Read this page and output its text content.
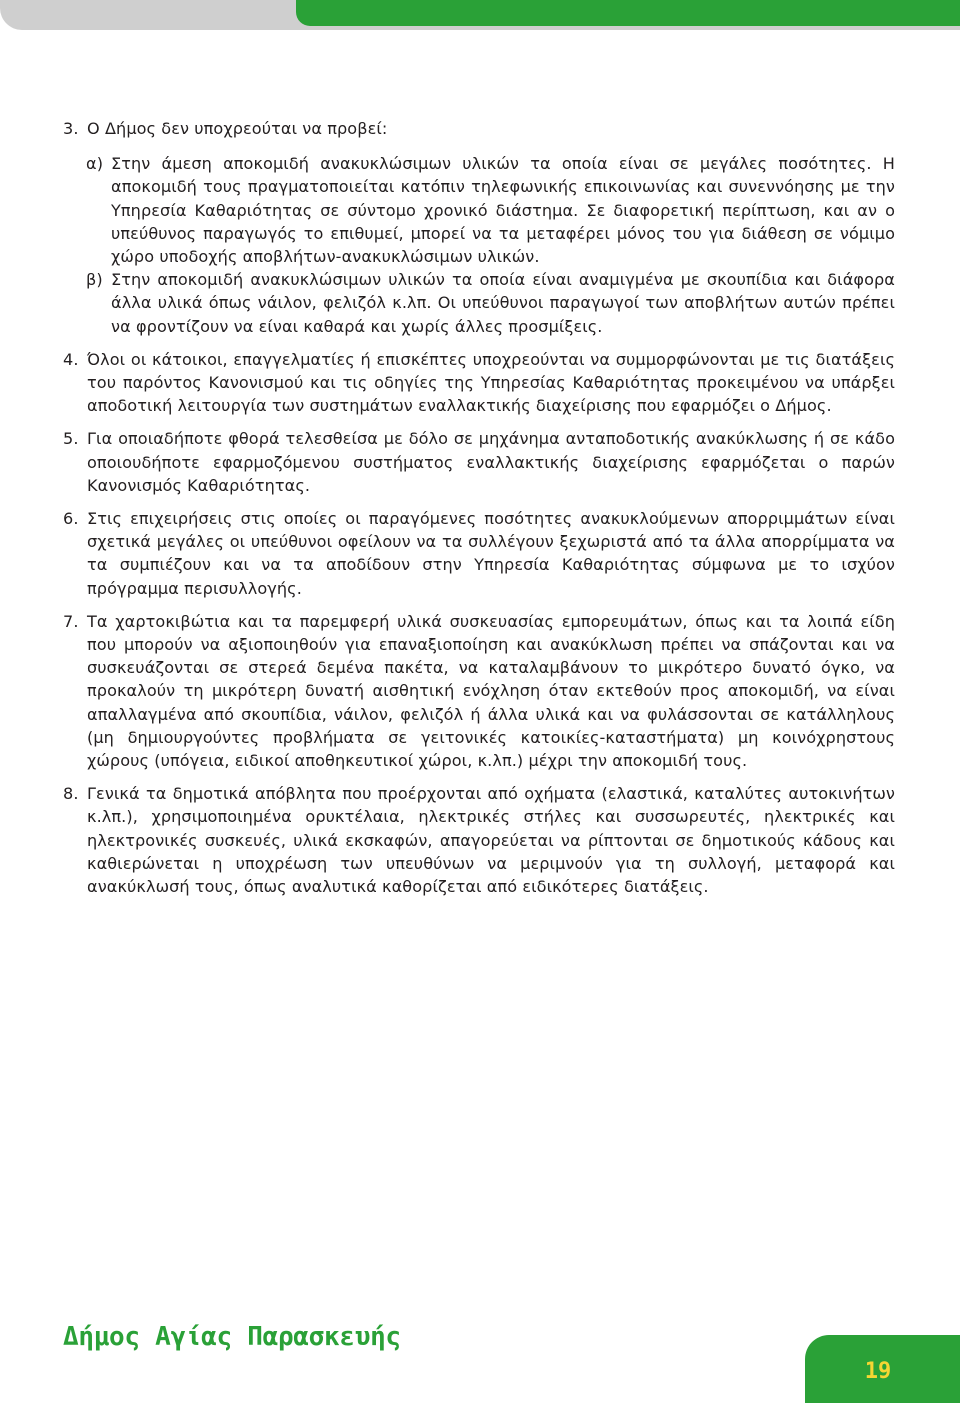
3. Ο Δήμος δεν υποχρεούται να προβεί:
α) Στην άμεση αποκομιδή ανακυκλώσιμων υλικών τα οποία είναι σε μεγάλες ποσότητες. Η αποκομιδή τους πραγματοποιείται κατόπιν τηλεφωνικής επικοινωνίας και συνεννόησης με την Υπηρεσία Καθαριότητας σε σύντομο χρονικό διάστημα. Σε διαφορετική περίπτωση, και αν ο υπεύθυνος παραγωγός το επιθυμεί, μπορεί να τα μεταφέρει μόνος του για διάθεση σε νόμιμο χώρο υποδοχής αποβλήτων-ανακυκλώσιμων υλικών.
β) Στην αποκομιδή ανακυκλώσιμων υλικών τα οποία είναι αναμιγμένα με σκουπίδια και διάφορα άλλα υλικά όπως νάιλον, φελιζόλ κ.λπ. Οι υπεύθυνοι παραγωγοί των αποβλήτων αυτών πρέπει να φροντίζουν να είναι καθαρά και χωρίς άλλες προσμίξεις.
4. Όλοι οι κάτοικοι, επαγγελματίες ή επισκέπτες υποχρεούνται να συμμορφώνονται με τις διατάξεις του παρόντος Κανονισμού και τις οδηγίες της Υπηρεσίας Καθαριότητας προκειμένου να υπάρξει αποδοτική λειτουργία των συστημάτων εναλλακτικής διαχείρισης που εφαρμόζει ο Δήμος.
5. Για οποιαδήποτε φθορά τελεσθείσα με δόλο σε μηχάνημα ανταποδοτικής ανακύκλωσης ή σε κάδο οποιουδήποτε εφαρμοζόμενου συστήματος εναλλακτικής διαχείρισης εφαρμόζεται ο παρών Κανονισμός Καθαριότητας.
6. Στις επιχειρήσεις στις οποίες οι παραγόμενες ποσότητες ανακυκλούμενων απορριμμάτων είναι σχετικά μεγάλες οι υπεύθυνοι οφείλουν να τα συλλέγουν ξεχωριστά από τα άλλα απορρίμματα να τα συμπιέζουν και να τα αποδίδουν στην Υπηρεσία Καθαριότητας σύμφωνα με το ισχύον πρόγραμμα περισυλλογής.
7. Τα χαρτοκιβώτια και τα παρεμφερή υλικά συσκευασίας εμπορευμάτων, όπως και τα λοιπά είδη που μπορούν να αξιοποιηθούν για επαναξιοποίηση και ανακύκλωση πρέπει να σπάζονται και να συσκευάζονται σε στερεά δεμένα πακέτα, να καταλαμβάνουν το μικρότερο δυνατό όγκο, να προκαλούν τη μικρότερη δυνατή αισθητική ενόχληση όταν εκτεθούν προς αποκομιδή, να είναι απαλλαγμένα από σκουπίδια, νάιλον, φελιζόλ ή άλλα υλικά και να φυλάσσονται σε κατάλληλους (μη δημιουργούντες προβλήματα σε γειτονικές κατοικίες-καταστήματα) μη κοινόχρηστους χώρους (υπόγεια, ειδικοί αποθηκευτικοί χώροι, κ.λπ.) μέχρι την αποκομιδή τους.
8. Γενικά τα δημοτικά απόβλητα που προέρχονται από οχήματα (ελαστικά, καταλύτες αυτοκινήτων κ.λπ.), χρησιμοποιημένα ορυκτέλαια, ηλεκτρικές στήλες και συσσωρευτές, ηλεκτρικές και ηλεκτρονικές συσκευές, υλικά εκσκαφών, απαγορεύεται να ρίπτονται σε δημοτικούς κάδους και καθιερώνεται η υποχρέωση των υπευθύνων να μεριμνούν για τη συλλογή, μεταφορά και ανακύκλωσή τους, όπως αναλυτικά καθορίζεται από ειδικότερες διατάξεις.
Δήμος Αγίας Παρασκευής
19
